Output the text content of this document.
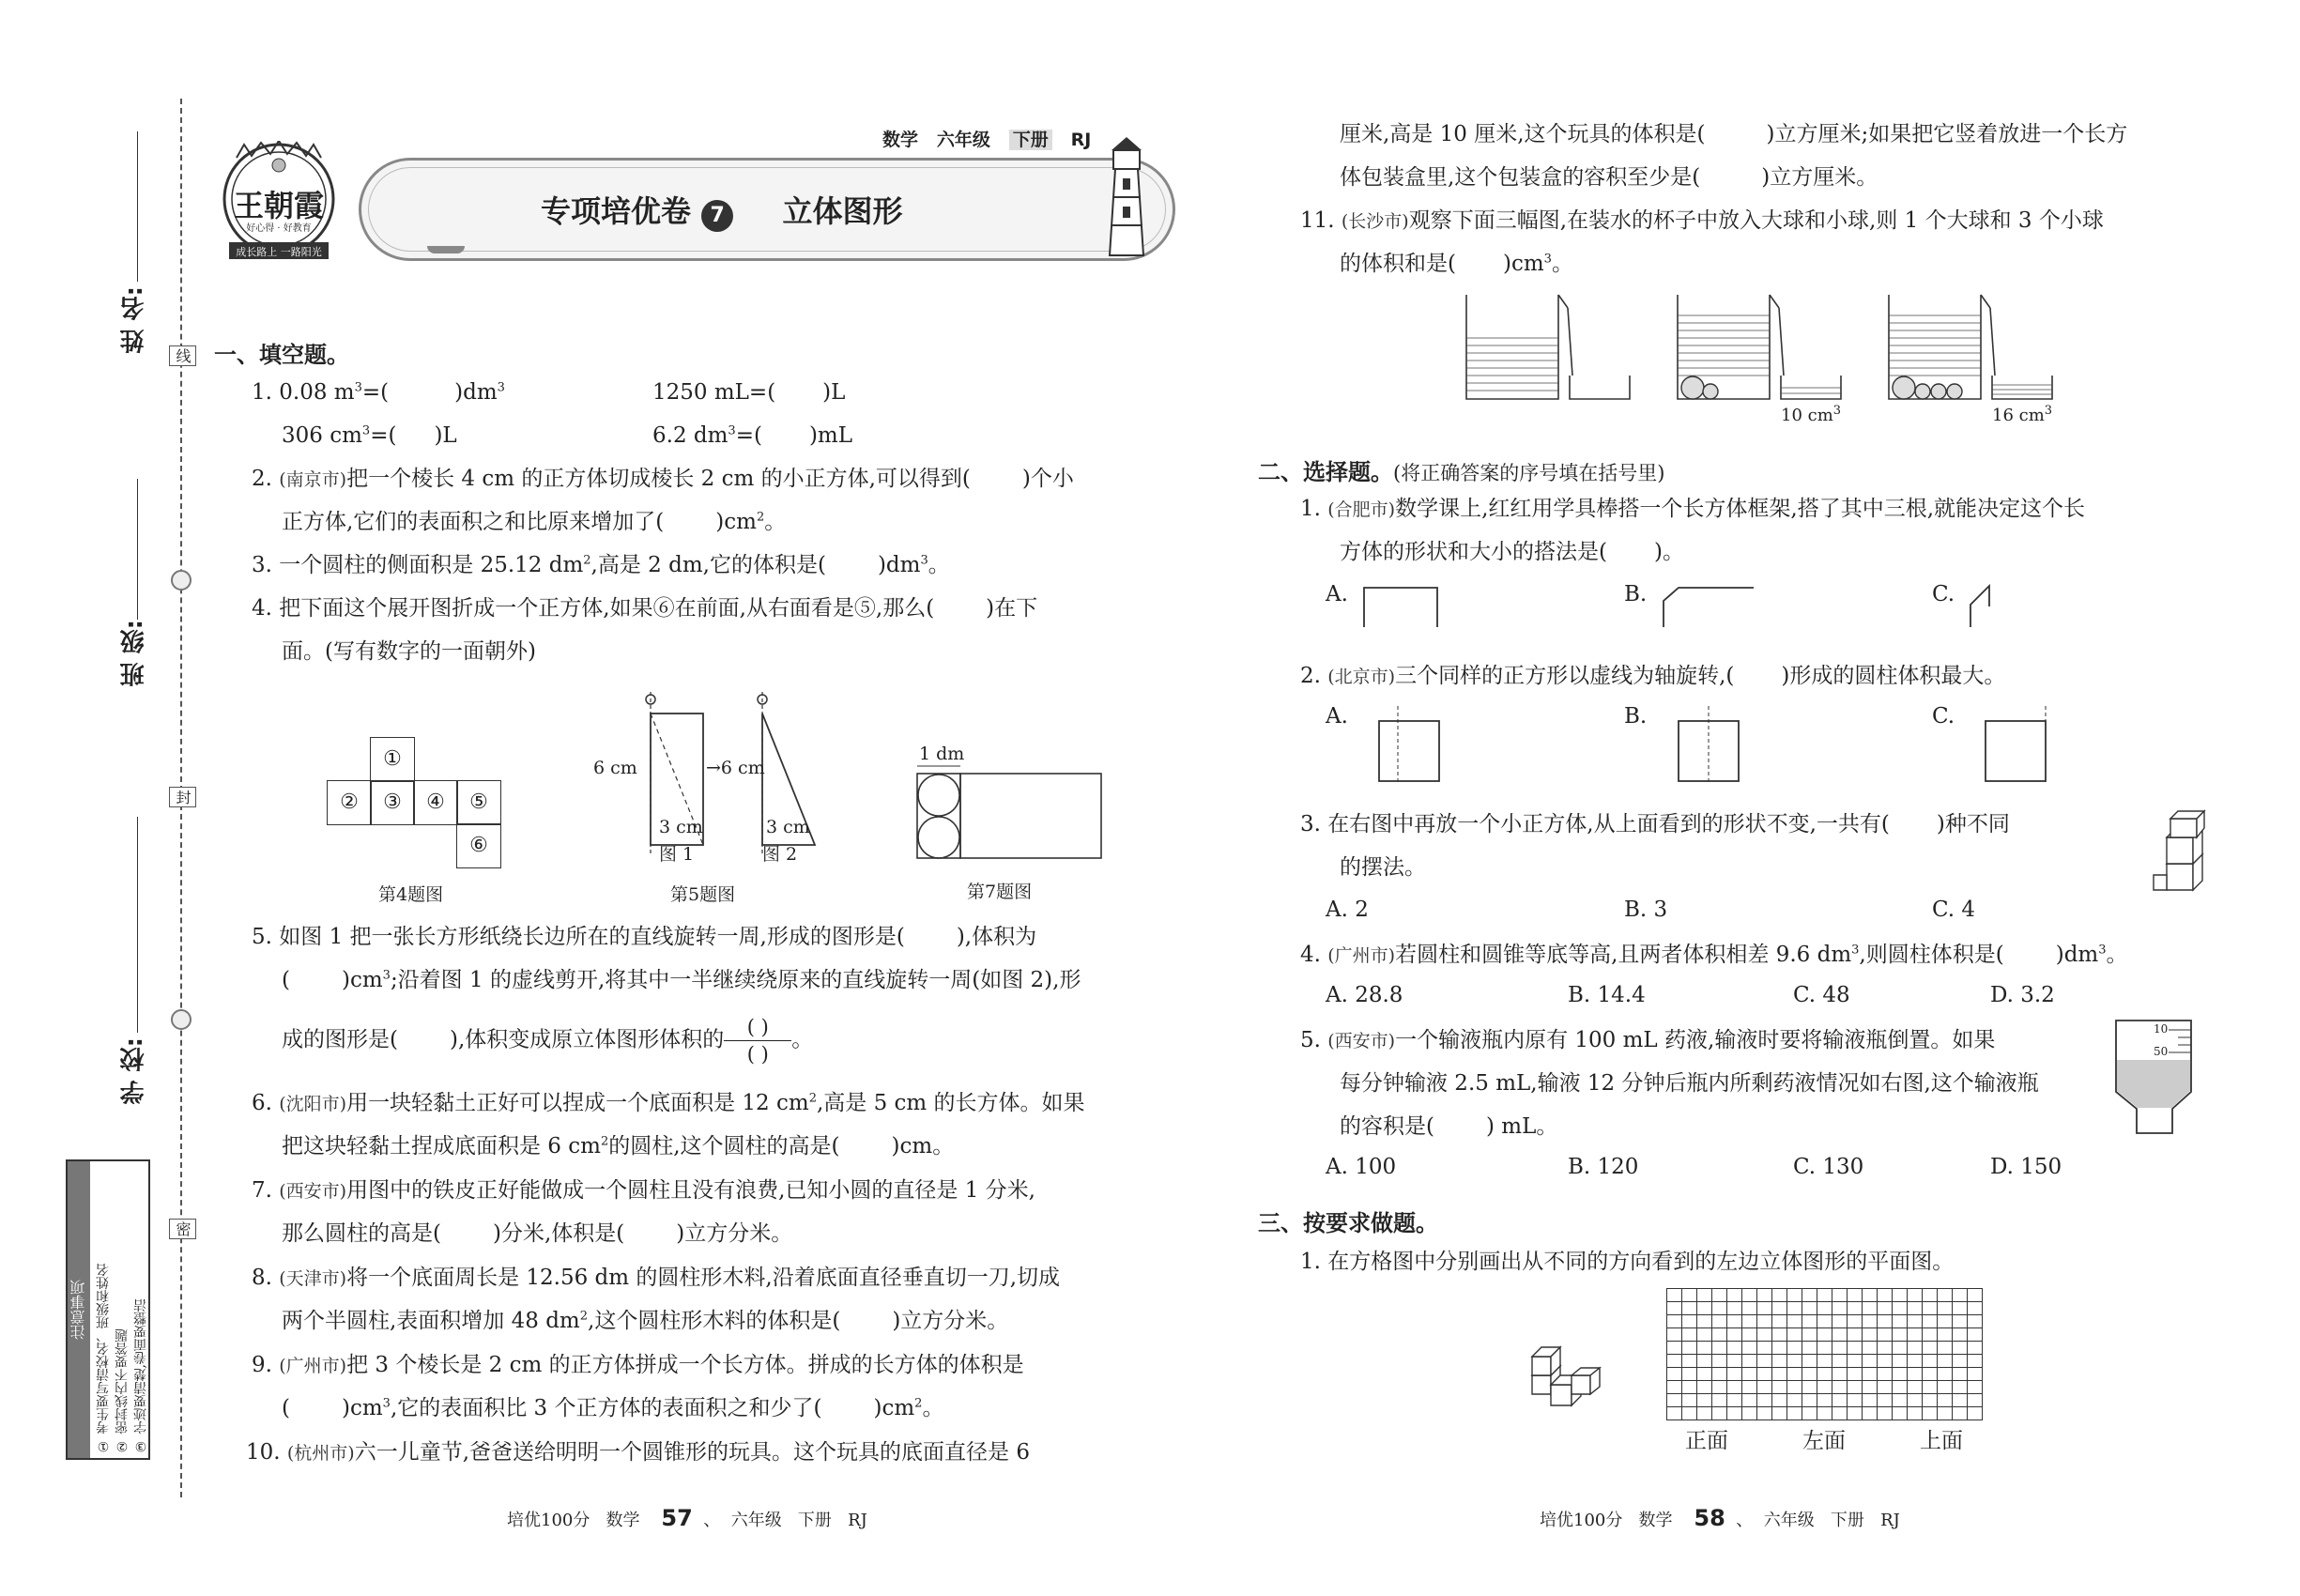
线
封
密
姓 名:
班 级:
学 校:
注意事项 ① 考生要写清校名、班级和姓名 ② 密封线内不要答题 ③ 字迹要清楚,卷面要整洁
王朝霞
好心得 · 好教育
成长路上 一路阳光
数学 六年级 下册 RJ
专项培优卷 7 立体图形
一、填空题。
1. 0.08 $m^3=$(	)$dm^3$	1250 mL=( )L
306 $cm^3=$( )L	6.2 $dm^3=$( )mL
2. (南京市)把一个棱长 4 cm 的正方体切成棱长 2 cm 的小正方体,可以得到( )个小
正方体,它们的表面积之和比原来增加了( )$cm^2$。
3. 一个圆柱的侧面积是 25.12 $dm^2$,高是 2 dm,它的体积是( )$dm^3$。
4. 把下面这个展开图折成一个正方体,如果⑥在前面,从右面看是⑤,那么( )在下
面。(写有数字的一面朝外)
①
②	③	④	⑤
⑥
第4题图
6 cm	→6 cm
3 cm	3 cm
图 1	图 2
第5题图
1 dm
第7题图
5. 如图 1 把一张长方形纸绕长边所在的直线旋转一周,形成的图形是( ),体积为
( )$cm^3$;沿着图 1 的虚线剪开,将其中一半继续绕原来的直线旋转一周(如图 2),形
成的图形是( ),体积变成原立体图形体积的 $\frac{( )}{( )}$ 。
6. (沈阳市)用一块轻黏土正好可以捏成一个底面积是 12 $cm^2$,高是 5 cm 的长方体。如果
把这块轻黏土捏成底面积是 6 $cm^2$的圆柱,这个圆柱的高是( )cm。
7. (西安市)用图中的铁皮正好能做成一个圆柱且没有浪费,已知小圆的直径是 1 分米,
那么圆柱的高是( )分米,体积是( )立方分米。
8. (天津市)将一个底面周长是 12.56 dm 的圆柱形木料,沿着底面直径垂直切一刀,切成
两个半圆柱,表面积增加 48 $dm^2$,这个圆柱形木料的体积是( )立方分米。
9. (广州市)把 3 个棱长是 2 cm 的正方体拼成一个长方体。拼成的长方体的体积是
( )$cm^3$,它的表面积比 3 个正方体的表面积之和少了( )$cm^2$。
10. (杭州市)六一儿童节,爸爸送给明明一个圆锥形的玩具。这个玩具的底面直径是 6
培优100分 数学 57  、  六年级 下册 RJ
厘米,高是 10 厘米,这个玩具的体积是(	)立方厘米;如果把它竖着放进一个长方
体包装盒里,这个包装盒的容积至少是(	)立方厘米。
11. (长沙市)观察下面三幅图,在装水的杯子中放入大球和小球,则 1 个大球和 3 个小球
的体积和是( )$cm^3$。
10 $cm^3$	16 $cm^3$
二、选择题。(将正确答案的序号填在括号里)
1. (合肥市)数学课上,红红用学具棒搭一个长方体框架,搭了其中三根,就能决定这个长
方体的形状和大小的搭法是( )。
A.	B.	C.
2. (北京市)三个同样的正方形以虚线为轴旋转,( )形成的圆柱体积最大。
A.	B.	C.
3. 在右图中再放一个小正方体,从上面看到的形状不变,一共有( )种不同
的摆法。
A. 2	B. 3	C. 4
4. (广州市)若圆柱和圆锥等底等高,且两者体积相差 9.6 $dm^3$,则圆柱体积是( )$dm^3$。
A. 28.8	B. 14.4	C. 48	D. 3.2
5. (西安市)一个输液瓶内原有 100 mL 药液,输液时要将输液瓶倒置。如果
每分钟输液 2.5 mL,输液 12 分钟后瓶内所剩药液情况如右图,这个输液瓶
的容积是( ) mL。
10
50
A. 100	B. 120	C. 130	D. 150
三、按要求做题。
1. 在方格图中分别画出从不同的方向看到的左边立体图形的平面图。
正面	左面	上面
培优100分 数学 58  、  六年级 下册 RJ
